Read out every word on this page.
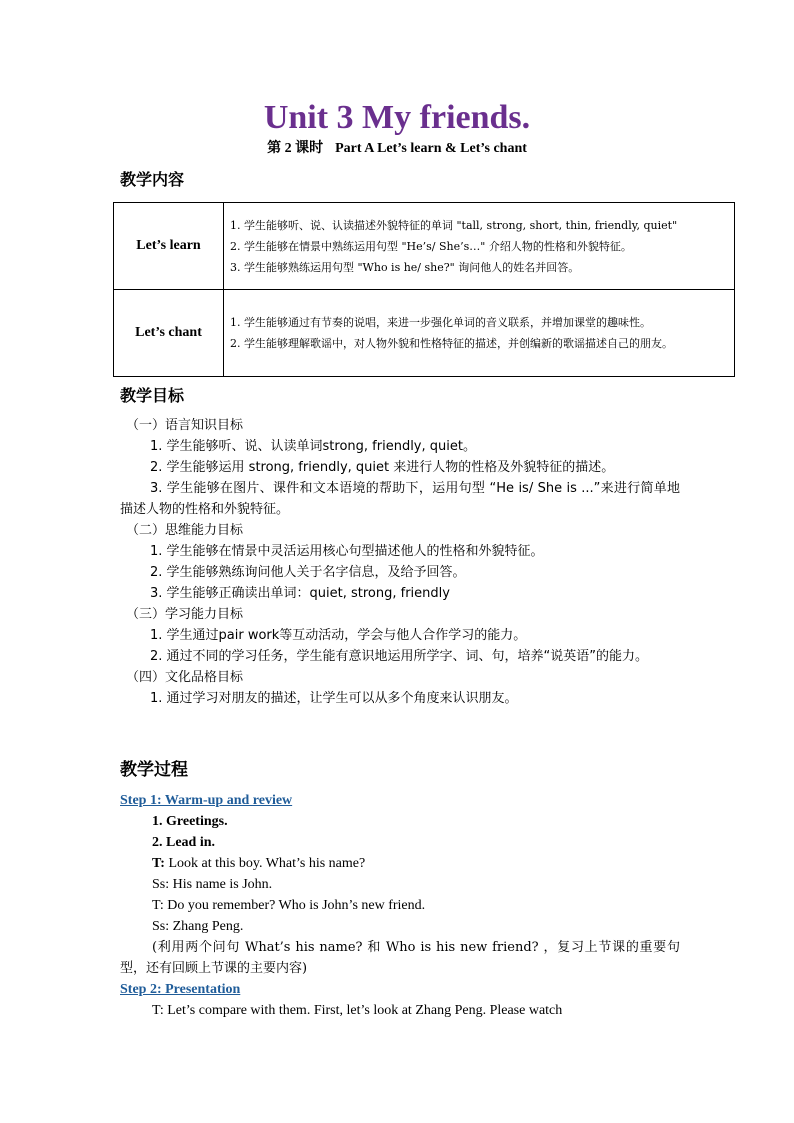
Unit 3 My friends.
第 2 课时 Part A Let’s learn & Let’s chant
教学内容
Let’s learn	1. 学生能够听、说、认读描述外貌特征的单词 "tall, strong, short, thin, friendly, quiet"
2. 学生能够在情景中熟练运用句型 "He’s/ She’s…" 介绍人物的性格和外貌特征。
3. 学生能够熟练运用句型 "Who is he/ she?" 询问他人的姓名并回答。

Let’s chant	1. 学生能够通过有节奏的说唱，来进一步强化单词的音义联系，并增加课堂的趣味性。
2. 学生能够理解歌谣中，对人物外貌和性格特征的描述，并创编新的歌谣描述自己的朋友。
教学目标
（一）语言知识目标
1. 学生能够听、说、认读单词strong, friendly, quiet。
2. 学生能够运用 strong, friendly, quiet 来进行人物的性格及外貌特征的描述。
3. 学生能够在图片、课件和文本语境的帮助下，运用句型 “He is/ She is ...”来进行简单地描述人物的性格和外貌特征。
（二）思维能力目标
1. 学生能够在情景中灵活运用核心句型描述他人的性格和外貌特征。
2. 学生能够熟练询问他人关于名字信息，及给予回答。
3. 学生能够正确读出单词：quiet, strong, friendly
（三）学习能力目标
1. 学生通过pair work等互动活动，学会与他人合作学习的能力。
2. 通过不同的学习任务，学生能有意识地运用所学字、词、句，培养“说英语”的能力。
（四）文化品格目标
1. 通过学习对朋友的描述，让学生可以从多个角度来认识朋友。
教学过程
Step 1: Warm-up and review
1. Greetings.
2. Lead in.
T: Look at this boy. What’s his name?
Ss: His name is John.
T: Do you remember? Who is John’s new friend.
Ss: Zhang Peng.
(利用两个问句 What’s his name? 和 Who is his new friend? ，复习上节课的重要句型，还有回顾上节课的主要内容)
Step 2: Presentation
T: Let’s compare with them. First, let’s look at Zhang Peng. Please watch
